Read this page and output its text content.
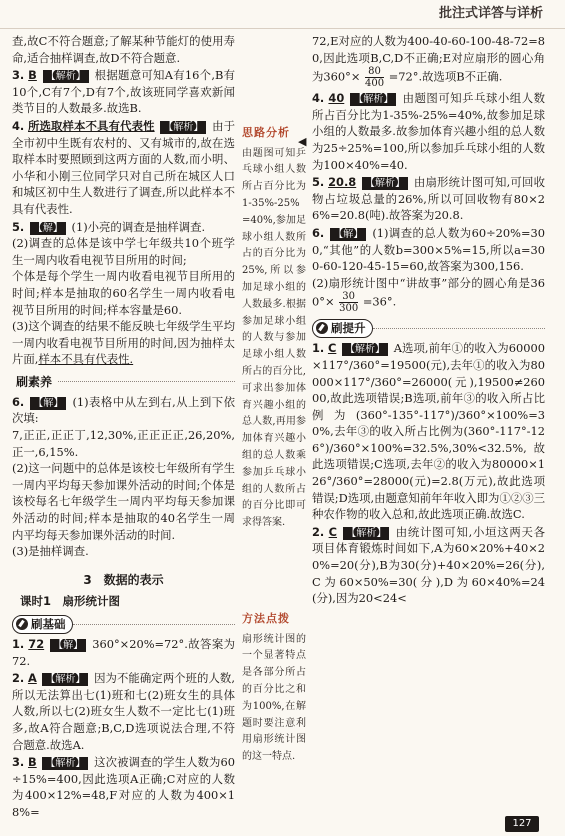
批注式详答与详析

查,故C不符合题意;了解某种节能灯的使用寿命,适合抽样调查,故D不符合题意.

3. B 【解析】 根据题意可知A有16个,B有10个,C有7个,D有7个,故该班同学喜欢新闻类节目的人数最多.故选B.

4. 所选取样本不具有代表性 【解析】 由于全市初中生既有农村的、又有城市的,故在选取样本时要照顾到这两方面的人数,而小明、小华和小刚三位同学只对自己所在城区人口和城区初中生人数进行了调查,所以此样本不具有代表性.

5. 【解】 (1)小亮的调查是抽样调查.

(2)调查的总体是该中学七年级共10个班学生一周内收看电视节目所用的时间;

个体是每个学生一周内收看电视节目所用的时间;样本是抽取的60名学生一周内收看电视节目所用的时间;样本容量是60.

(3)这个调查的结果不能反映七年级学生平均一周内收看电视节目所用的时间,因为抽样太片面,样本不具有代表性.

刷素养

6. 【解】 (1)表格中从左到右,从上到下依次填:

7,正正,正正丁,12,30%,正正正正,26,20%,正一,6,15%.

(2)这一问题中的总体是该校七年级所有学生一周内平均每天参加课外活动的时间;个体是该校每名七年级学生一周内平均每天参加课外活动的时间;样本是抽取的40名学生一周内平均每天参加课外活动的时间.

(3)是抽样调查.

3　数据的表示
课时1　扇形统计图
刷基础

1. 72 【解】 360°×20%=72°.故答案为72.

2. A 【解析】 因为不能确定两个班的人数,所以无法算出七(1)班和七(2)班女生的具体人数,所以七(2)班女生人数不一定比七(1)班多,故A符合题意;B,C,D选项说法合理,不符合题意.故选A.

3. B 【解析】 这次被调查的学生人数为60÷15%=400,因此选项A正确;C对应的人数为400×12%=48,F对应的人数为400×18%=

思路分析
由题图可知乒乓球小组人数所占百分比为1-35%-25%=40%,参加足球小组人数所占的百分比为25%,所以参加足球小组的人数最多.根据参加足球小组的人数与参加足球小组人数所占的百分比,可求出参加体育兴趣小组的总人数,再用参加体育兴趣小组的总人数乘参加乒乓球小组的人数所占的百分比即可求得答案.
◀
方法点拨
扇形统计图的一个显著特点是各部分所占的百分比之和为100%,在解题时要注意利用扇形统计图的这一特点.

72,E对应的人数为400-40-60-100-48-72=80,因此选项B,C,D不正确;E对应扇形的圆心角为$360^\circ\times \frac{80}{400} =72^\circ$.故选项B不正确.

4. 40 【解析】 由题图可知乒乓球小组人数所占百分比为1-35%-25%=40%,故参加足球小组的人数最多.故参加体育兴趣小组的总人数为25÷25%=100,所以参加乒乓球小组的人数为100×40%=40.

5. 20.8 【解析】 由扇形统计图可知,可回收物占垃圾总量的26%,所以可回收物有80×26%=20.8(吨).故答案为20.8.

6. 【解】 (1)调查的总人数为60÷20%=300,“其他”的人数b=300×5%=15,所以a=300-60-120-45-15=60,故答案为300,156.

(2)扇形统计图中“讲故事”部分的圆心角是$360^\circ\times \frac{30}{300} =36^\circ$.

刷提升

1. C 【解析】 A选项,前年①的收入为60000×117°/360°=19500(元),去年①的收入为80000×117°/360°=26000(元),19500≠26000,故此选项错误;B选项,前年③的收入所占比例为(360°-135°-117°)/360°×100%=30%,去年③的收入所占比例为(360°-117°-126°)/360°×100%=32.5%,30%<32.5%,故此选项错误;C选项,去年②的收入为80000×126°/360°=28000(元)=2.8(万元),故此选项错误;D选项,由题意知前年年收入即为①②③三种农作物的收入总和,故此选项正确.故选C.

2. C 【解析】 由统计图可知,小垣这两天各项目体育锻炼时间如下,A为60×20%+40×20%=20(分),B为30(分)+40×20%=26(分),C为60×50%=30(分),D为60×40%=24(分),因为20<24<

127
